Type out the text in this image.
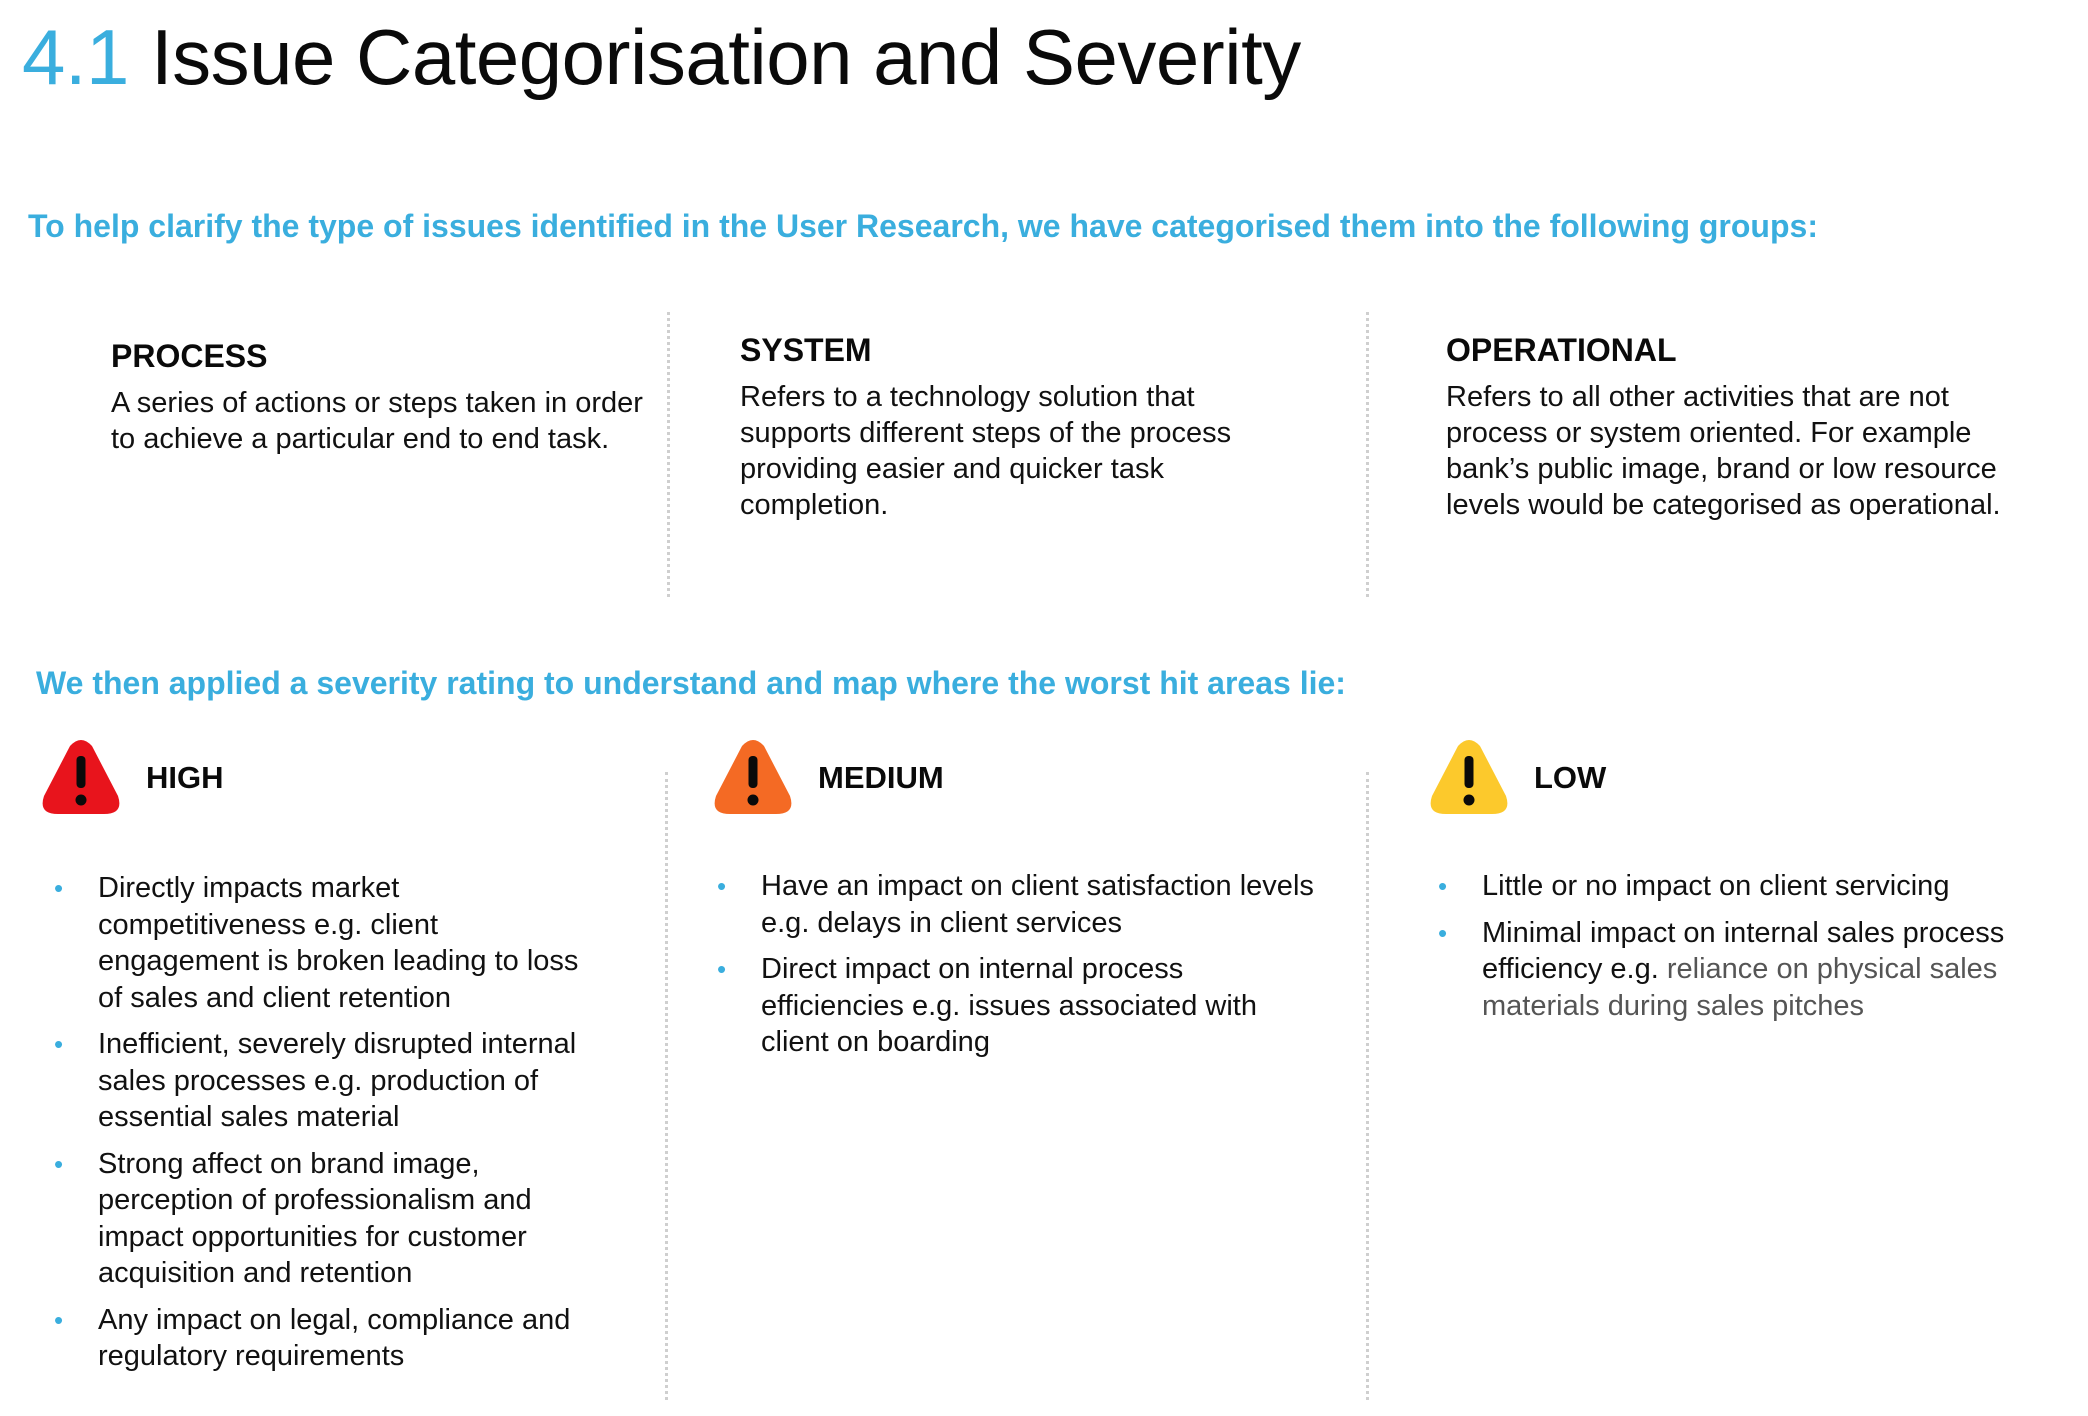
4.1 Issue Categorisation and Severity
To help clarify the type of issues identified in the User Research, we have categorised them into the following groups:
PROCESS

A series of actions or steps taken in order to achieve a particular end to end task.

SYSTEM

Refers to a technology solution that supports different steps of the process providing easier and quicker task completion.

OPERATIONAL

Refers to all other activities that are not process or system oriented. For example bank’s public image, brand or low resource levels would be categorised as operational.

We then applied a severity rating to understand and map where the worst hit areas lie:
HIGH
• Directly impacts market competitiveness e.g. client engagement is broken leading to loss of sales and client retention
• Inefficient, severely disrupted internal sales processes e.g. production of essential sales material
• Strong affect on brand image, perception of professionalism and impact opportunities for customer acquisition and retention
• Any impact on legal, compliance and regulatory requirements
MEDIUM
• Have an impact on client satisfaction levels e.g. delays in client services
• Direct impact on internal process efficiencies e.g. issues associated with client on boarding
LOW
• Little or no impact on client servicing
• Minimal impact on internal sales process efficiency e.g. reliance on physical sales materials during sales pitches
